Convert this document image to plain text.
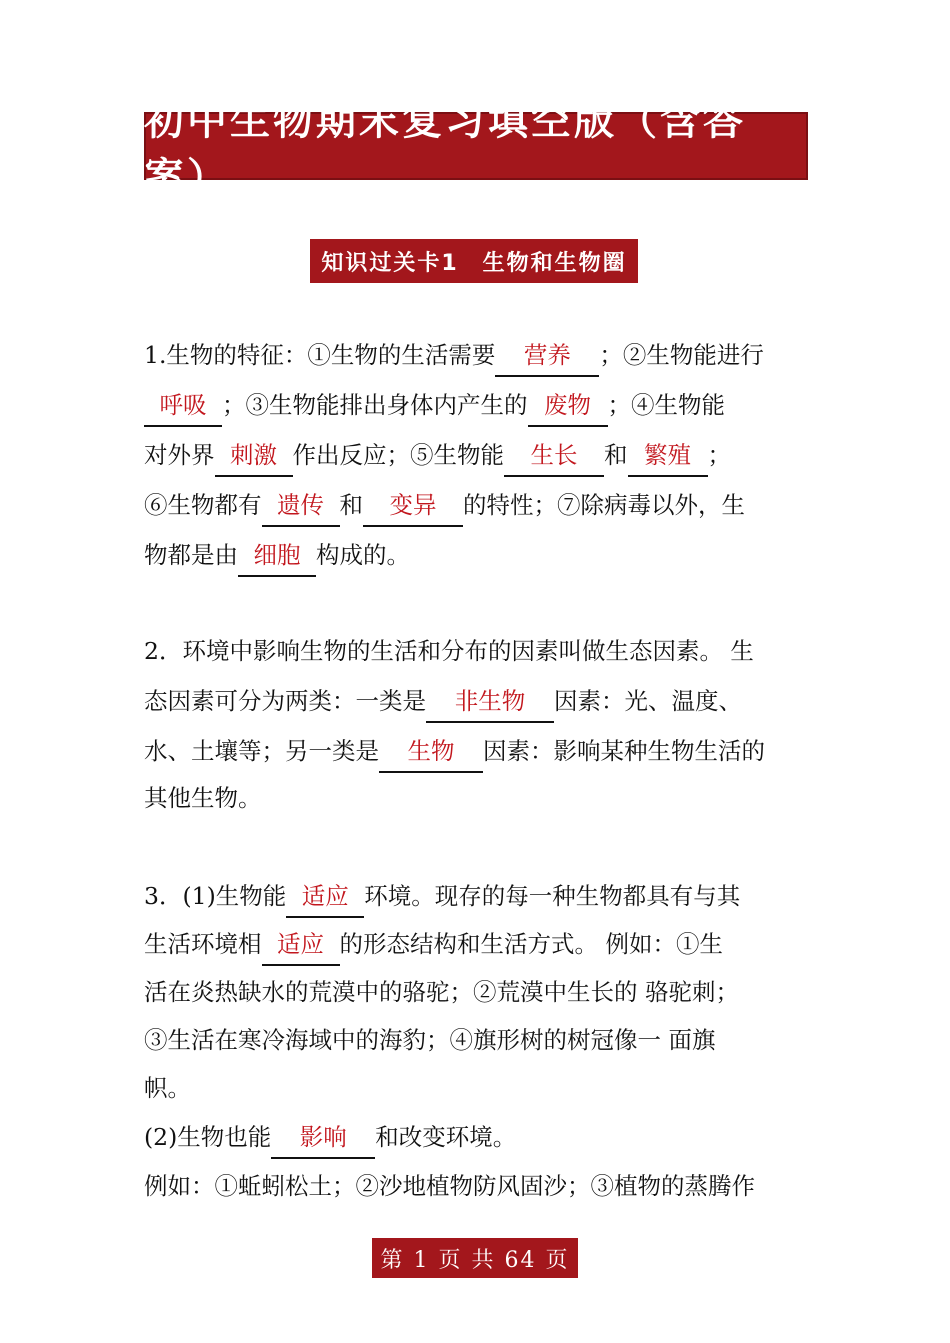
初中生物期末复习填空版（含答案）
知识过关卡1　生物和生物圈
1.生物的特征：①生物的生活需要 营养 ；②生物能进行
呼吸 ；③生物能排出身体内产生的 废物 ；④生物能
对外界 刺激 作出反应；⑤生物能 生长 和 繁殖 ；
⑥生物都有 遗传 和 变异 的特性；⑦除病毒以外，生
物都是由 细胞 构成的。
2．环境中影响生物的生活和分布的因素叫做生态因素。 生
态因素可分为两类：一类是 非生物 因素：光、温度、
水、土壤等；另一类是 生物 因素：影响某种生物生活的
其他生物。
3．(1)生物能 适应 环境。现存的每一种生物都具有与其
生活环境相 适应 的形态结构和生活方式。 例如：①生
活在炎热缺水的荒漠中的骆驼；②荒漠中生长的 骆驼刺；
③生活在寒冷海域中的海豹；④旗形树的树冠像一 面旗
帜。
(2)生物也能 影响 和改变环境。
例如：①蚯蚓松土；②沙地植物防风固沙；③植物的蒸腾作
第 1 页 共 64 页
